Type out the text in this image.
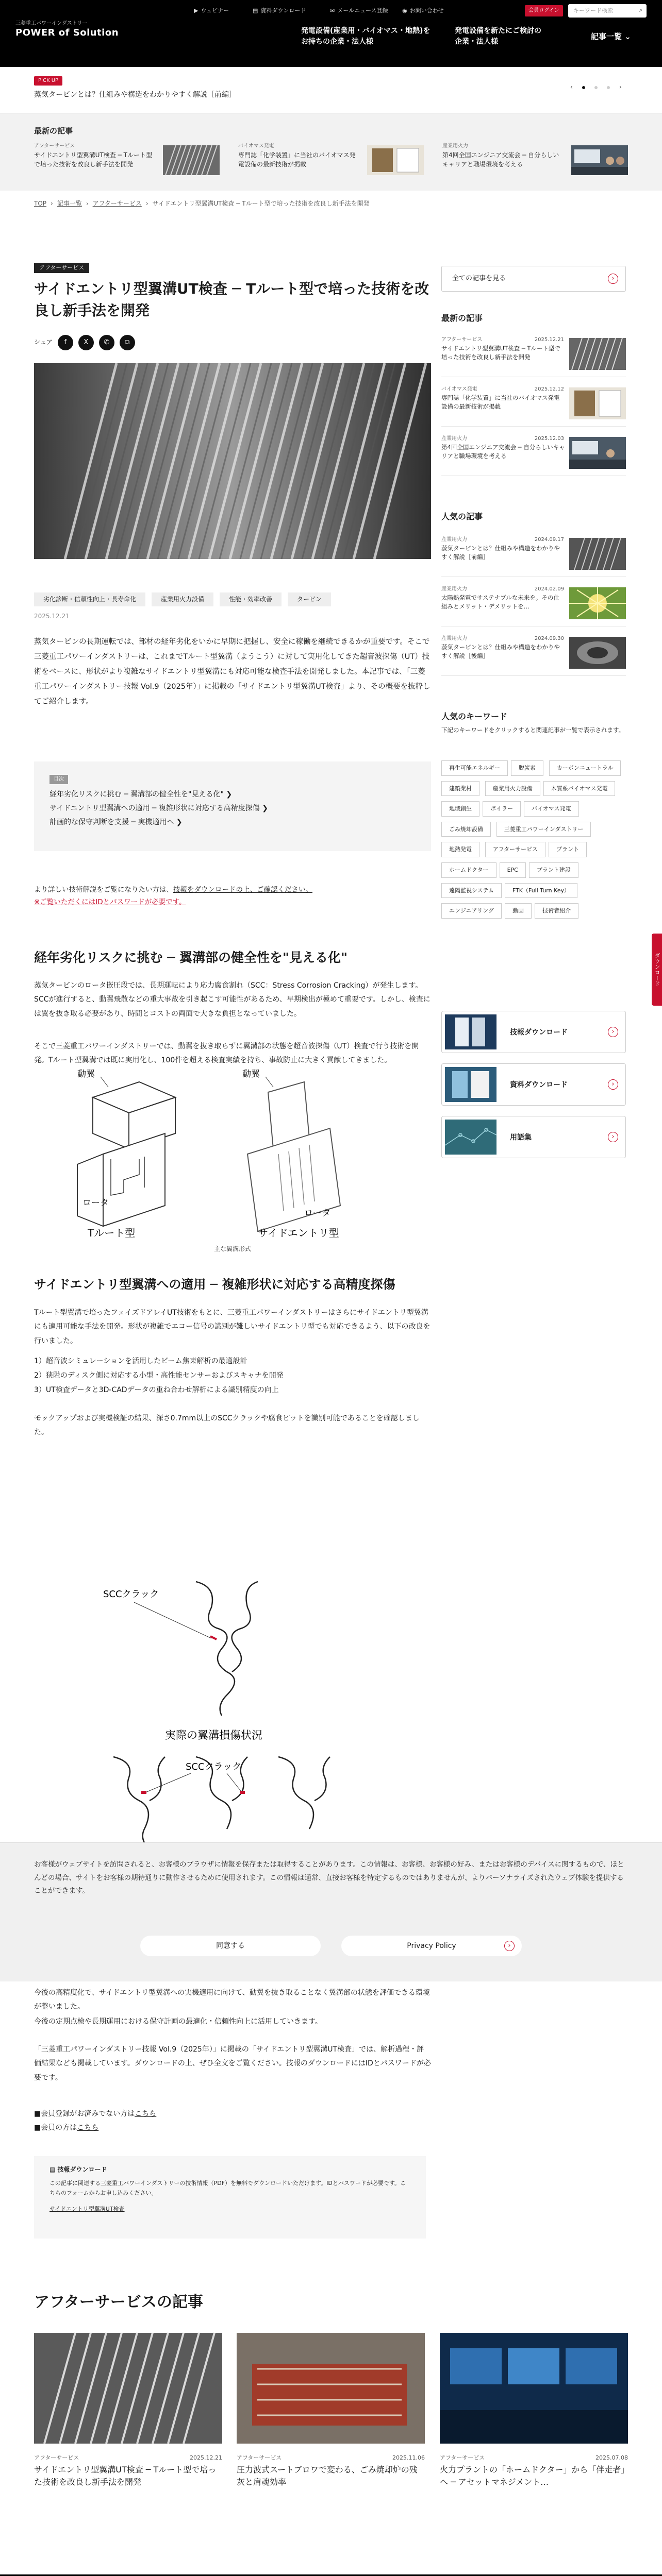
三菱重工パワーインダストリー
POWER of Solution
▶ ウェビナー	▤ 資料ダウンロード	✉ メールニュース登録	◉ お問い合わせ	会員ログイン	キーワード検索	⌕
発電設備(産業用・バイオマス・地熱)を
お持ちの企業・法人様
発電設備を新たにご検討の
企業・法人様
記事一覧 ⌄
PICK UP
蒸気タービンとは？仕組みや構造をわかりやすく解説［前編］
‹	›
最新の記事
アフターサービス
サイドエントリ型翼溝UT検査 ─ Tルート型で培った技術を改良し新手法を開発
バイオマス発電
専門誌「化学装置」に当社のバイオマス発電設備の最新技術が掲載
産業用火力
第4回全国エンジニア交流会 ─ 自分らしいキャリアと職場環境を考える
TOP › 記事一覧 › アフターサービス › サイドエントリ型翼溝UT検査 ─ Tルート型で培った技術を改良し新手法を開発
アフターサービス
サイドエントリ型翼溝UT検査 ─ Tルート型で培った技術を改良し新手法を開発
シェア	f	X	✆	⧉
劣化診断・信頼性向上・長寿命化	産業用火力設備	性能・効率改善	タービン
2025.12.21

蒸気タービンの長期運転では、部材の経年劣化をいかに早期に把握し、安全に稼働を継続できるかが重要です。そこで三菱重工パワーインダストリーは、これまでTルート型翼溝（ようこう）に対して実用化してきた超音波探傷（UT）技術をベースに、形状がより複雑なサイドエントリ型翼溝にも対応可能な検査手法を開発しました。本記事では、「三菱重工パワーインダストリー技報 Vol.9（2025年）」に掲載の「サイドエントリ型翼溝UT検査」より、その概要を抜粋してご紹介します。

目次
経年劣化リスクに挑む ─ 翼溝部の健全性を"見える化" ❯
サイドエントリ型翼溝への適用 ─ 複雑形状に対応する高精度探傷 ❯
計画的な保守判断を支援 ─ 実機適用へ ❯
より詳しい技術解説をご覧になりたい方は、技報をダウンロードの上、ご確認ください。
※ご覧いただくにはIDとパスワードが必要です。
経年劣化リスクに挑む ─ 翼溝部の健全性を"見える化"

蒸気タービンのロータ嵌圧段では、長期運転により応力腐食割れ（SCC：Stress Corrosion Cracking）が発生します。SCCが進行すると、動翼飛散などの重大事故を引き起こす可能性があるため、早期検出が極めて重要です。しかし、検査には翼を抜き取る必要があり、時間とコストの両面で大きな負担となっていました。

そこで三菱重工パワーインダストリーでは、動翼を抜き取らずに翼溝部の状態を超音波探傷（UT）検査で行う技術を開発。Tルート型翼溝では既に実用化し、100件を超える検査実績を持ち、事故防止に大きく貢献してきました。

動翼
ロータ
Tルート型
動翼
ロータ
サイドエントリ型
主な翼溝形式
サイドエントリ型翼溝への適用 ─ 複雑形状に対応する高精度探傷

Tルート型翼溝で培ったフェイズドアレイUT技術をもとに、三菱重工パワーインダストリーはさらにサイドエントリ型翼溝にも適用可能な手法を開発。形状が複雑でエコー信号の識別が難しいサイドエントリ型でも対応できるよう、以下の改良を行いました。

1）超音波シミュレーションを活用したビーム焦束解析の最適設計
2）狭隘のディスク側に対応する小型・高性能センサーおよびスキャナを開発
3）UT検査データと3D-CADデータの重ね合わせ解析による識別精度の向上

モックアップおよび実機検証の結果、深さ0.7mm以上のSCCクラックや腐食ピットを識別可能であることを確認しました。

SCCクラック
実際の翼溝損傷状況
SCCクラック

今後の高精度化で、サイドエントリ型翼溝への実機適用に向けて、動翼を抜き取ることなく翼溝部の状態を評価できる環境が整いました。

今後の定期点検や長期運用における保守計画の最適化・信頼性向上に活用していきます。

「三菱重工パワーインダストリー技報 Vol.9（2025年）」に掲載の「サイドエントリ型翼溝UT検査」では、解析過程・評価結果なども掲載しています。ダウンロードの上、ぜひ全文をご覧ください。技報のダウンロードにはIDとパスワードが必要です。

■会員登録がお済みでない方はこちら
■会員の方はこちら
▤ 技報ダウンロード
この記事に関連する三菱重工パワーインダストリーの技術情報（PDF）を無料でダウンロードいただけます。IDとパスワードが必要です。こちらのフォームからお申し込みください。
サイドエントリ型翼溝UT検査
全ての記事を見る	›
最新の記事
アフターサービス	2025.12.21
サイドエントリ型翼溝UT検査 ─ Tルート型で培った技術を改良し新手法を開発
バイオマス発電	2025.12.12
専門誌「化学装置」に当社のバイオマス発電設備の最新技術が掲載
産業用火力	2025.12.03
第4回全国エンジニア交流会 ─ 自分らしいキャリアと職場環境を考える
人気の記事
産業用火力	2024.09.17
蒸気タービンとは？仕組みや構造をわかりやすく解説［前編］
産業用火力	2024.02.09
太陽熱発電でサステナブルな未来を。その仕組みとメリット・デメリットを…
産業用火力	2024.09.30
蒸気タービンとは？仕組みや構造をわかりやすく解説［後編］
人気のキーワード
下記のキーワードをクリックすると関連記事が一覧で表示されます。
再生可能エネルギー	脱炭素	カーボンニュートラル建築業材	産業用火力設備	木質系バイオマス発電 地域創生	ボイラー	バイオマス発電 ごみ焼却設備	三菱重工パワーインダストリー地熱発電	アフターサービス	プラント ホームドクター	EPC	プラント建設 遠隔監視システム	FTK（Full Turn Key） エンジニアリング	動画	技術者紹介
技報ダウンロード	›
資料ダウンロード	›
用語集	›
アフターサービスの記事
アフターサービス	2025.12.21
サイドエントリ型翼溝UT検査 ─ Tルート型で培った技術を改良し新手法を開発
アフターサービス	2025.11.06
圧力波式スートブロワで変わる、ごみ焼却炉の残灰と肩魂効率
アフターサービス	2025.07.08
火力プラントの「ホームドクター」から「伴走者」へ ─ アセットマネジメント…

お客様がウェブサイトを訪問されると、お客様のブラウザに情報を保存または取得することがあります。この情報は、お客様、お客様の好み、またはお客様のデバイスに関するもので、ほとんどの場合、サイトをお客様の期待通りに動作させるために使用されます。この情報は通常、直接お客様を特定するものではありませんが、よりパーソナライズされたウェブ体験を提供することができます。

同意する	Privacy Policy	›
ダウンロード
